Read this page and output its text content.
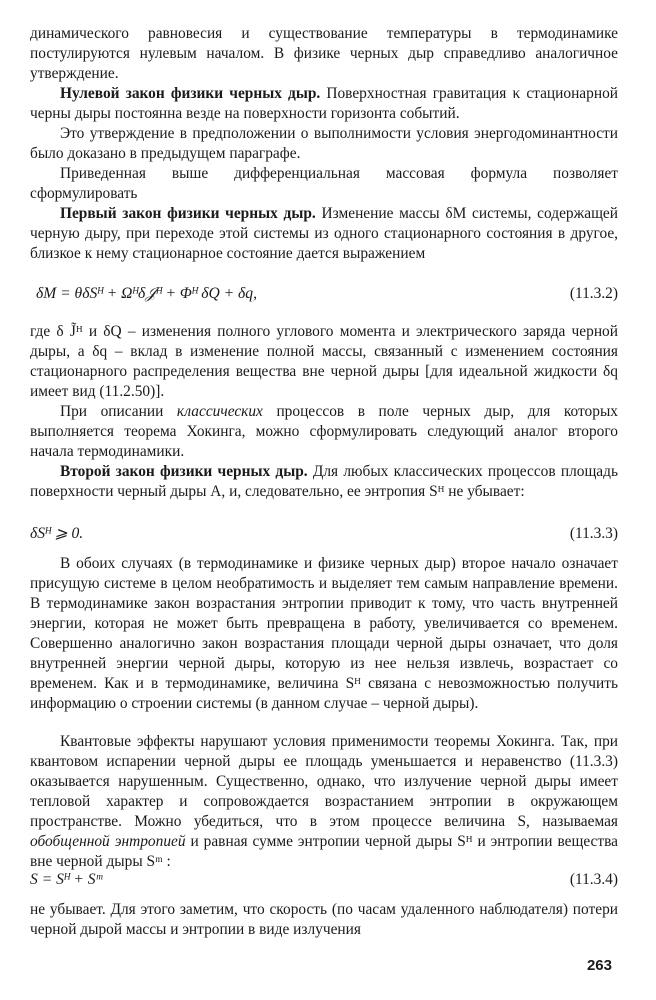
динамического равновесия и существование температуры в термодинамике постулируются нулевым началом. В физике черных дыр справедливо аналогичное утверждение.

Нулевой закон физики черных дыр. Поверхностная гравитация κ стационарной черны дыры постоянна везде на поверхности горизонта событий.

Это утверждение в предположении о выполнимости условия энергодоминантности было доказано в предыдущем параграфе.

Приведенная выше дифференциальная массовая формула позволяет сформулировать

Первый закон физики черных дыр. Изменение массы δM системы, содержащей черную дыру, при переходе этой системы из одного стационарного состояния в другое, близкое к нему стационарное состояние дается выражением

δM = θδSᴴ + Ωᴴδ𝒥ᴴ + Φᴴ δQ + δq,	(11.3.2)

где δ J̃ᴴ и δQ – изменения полного углового момента и электрического заряда черной дыры, а δq – вклад в изменение полной массы, связанный с изменением состояния стационарного распределения вещества вне черной дыры [для идеальной жидкости δq имеет вид (11.2.50)].

При описании классических процессов в поле черных дыр, для которых выполняется теорема Хокинга, можно сформулировать следующий аналог второго начала термодинамики.

Второй закон физики черных дыр. Для любых классических процессов площадь поверхности черный дыры A, и, следовательно, ее энтропия Sᴴ не убывает:

δSᴴ ⩾ 0.	(11.3.3)

В обоих случаях (в термодинамике и физике черных дыр) второе начало означает присущую системе в целом необратимость и выделяет тем самым направление времени. В термодинамике закон возрастания энтропии приводит к тому, что часть внутренней энергии, которая не может быть превращена в работу, увеличивается со временем. Совершенно аналогично закон возрастания площади черной дыры означает, что доля внутренней энергии черной дыры, которую из нее нельзя извлечь, возрастает со временем. Как и в термодинамике, величина Sᴴ связана с невозможностью получить информацию о строении системы (в данном случае – черной дыры).

Квантовые эффекты нарушают условия применимости теоремы Хокинга. Так, при квантовом испарении черной дыры ее площадь уменьшается и неравенство (11.3.3) оказывается нарушенным. Существенно, однако, что излучение черной дыры имеет тепловой характер и сопровождается возрастанием энтропии в окружающем пространстве. Можно убедиться, что в этом процессе величина S, называемая обобщенной энтропией и равная сумме энтропии черной дыры Sᴴ и энтропии вещества вне черной дыры Sᵐ :

S = Sᴴ + Sᵐ	(11.3.4)

не убывает. Для этого заметим, что скорость (по часам удаленного наблюдателя) потери черной дырой массы и энтропии в виде излучения

263
